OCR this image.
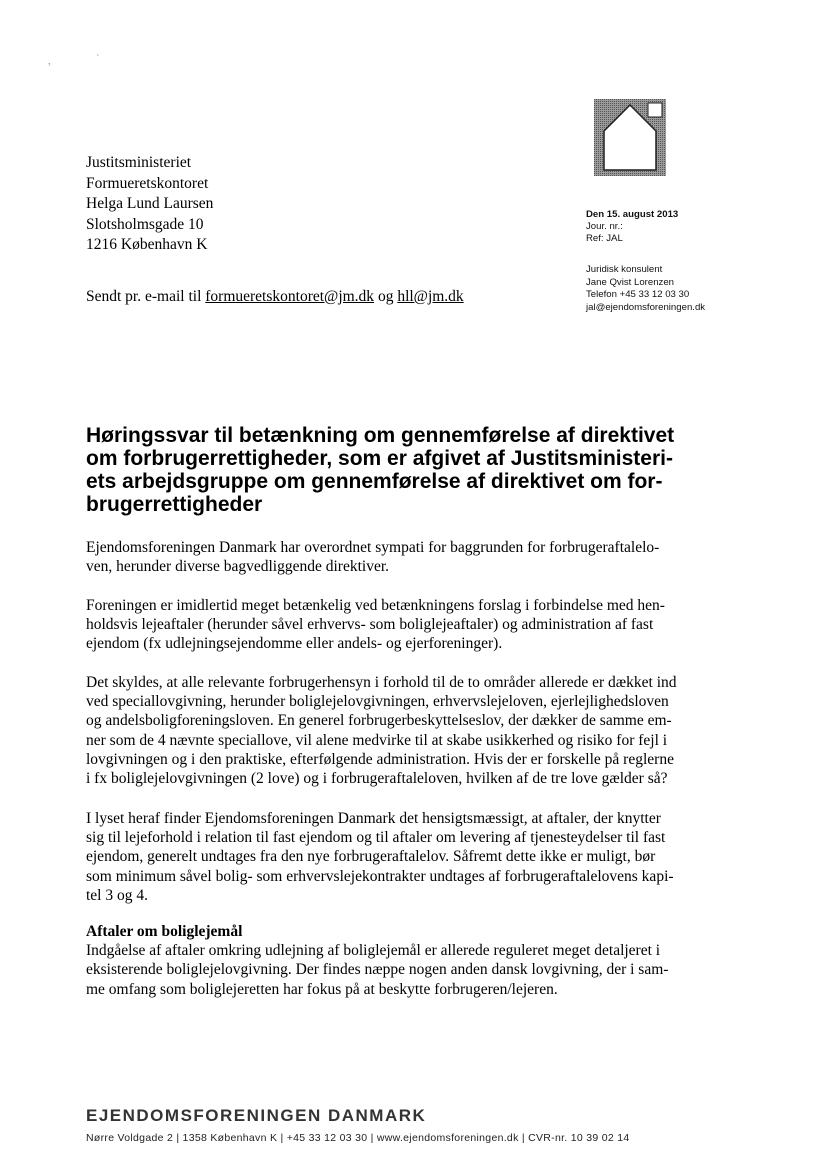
,	`
Justitsministeriet
Formueretskontoret
Helga Lund Laursen
Slotsholmsgade 10
1216 København K
Den 15. august 2013
Jour. nr.:
Ref: JAL
Juridisk konsulent
Jane Qvist Lorenzen
Telefon +45 33 12 03 30
jal@ejendomsforeningen.dk
Sendt pr. e-mail til formueretskontoret@jm.dk og hll@jm.dk
Høringssvar til betænkning om gennemførelse af direktivet
om forbrugerrettigheder, som er afgivet af Justitsministeri-
ets arbejdsgruppe om gennemførelse af direktivet om for-
brugerrettigheder
Ejendomsforeningen Danmark har overordnet sympati for baggrunden for forbrugeraftalelo-
ven, herunder diverse bagvedliggende direktiver.
Foreningen er imidlertid meget betænkelig ved betænkningens forslag i forbindelse med hen-
holdsvis lejeaftaler (herunder såvel erhvervs- som boliglejeaftaler) og administration af fast
ejendom (fx udlejningsejendomme eller andels- og ejerforeninger).
Det skyldes, at alle relevante forbrugerhensyn i forhold til de to områder allerede er dækket ind
ved speciallovgivning, herunder boliglejelovgivningen, erhvervslejeloven, ejerlejlighedsloven
og andelsboligforeningsloven. En generel forbrugerbeskyttelseslov, der dækker de samme em-
ner som de 4 nævnte speciallove, vil alene medvirke til at skabe usikkerhed og risiko for fejl i
lovgivningen og i den praktiske, efterfølgende administration. Hvis der er forskelle på reglerne
i fx boliglejelovgivningen (2 love) og i forbrugeraftaleloven, hvilken af de tre love gælder så?
I lyset heraf finder Ejendomsforeningen Danmark det hensigtsmæssigt, at aftaler, der knytter
sig til lejeforhold i relation til fast ejendom og til aftaler om levering af tjenesteydelser til fast
ejendom, generelt undtages fra den nye forbrugeraftalelov. Såfremt dette ikke er muligt, bør
som minimum såvel bolig- som erhvervslejekontrakter undtages af forbrugeraftalelovens kapi-
tel 3 og 4.
Aftaler om boliglejemål
Indgåelse af aftaler omkring udlejning af boliglejemål er allerede reguleret meget detaljeret i
eksisterende boliglejelovgivning. Der findes næppe nogen anden dansk lovgivning, der i sam-
me omfang som boliglejeretten har fokus på at beskytte forbrugeren/lejeren.
EJENDOMSFORENINGEN DANMARK
Nørre Voldgade 2 | 1358 København K | +45 33 12 03 30 | www.ejendomsforeningen.dk | CVR-nr. 10 39 02 14
